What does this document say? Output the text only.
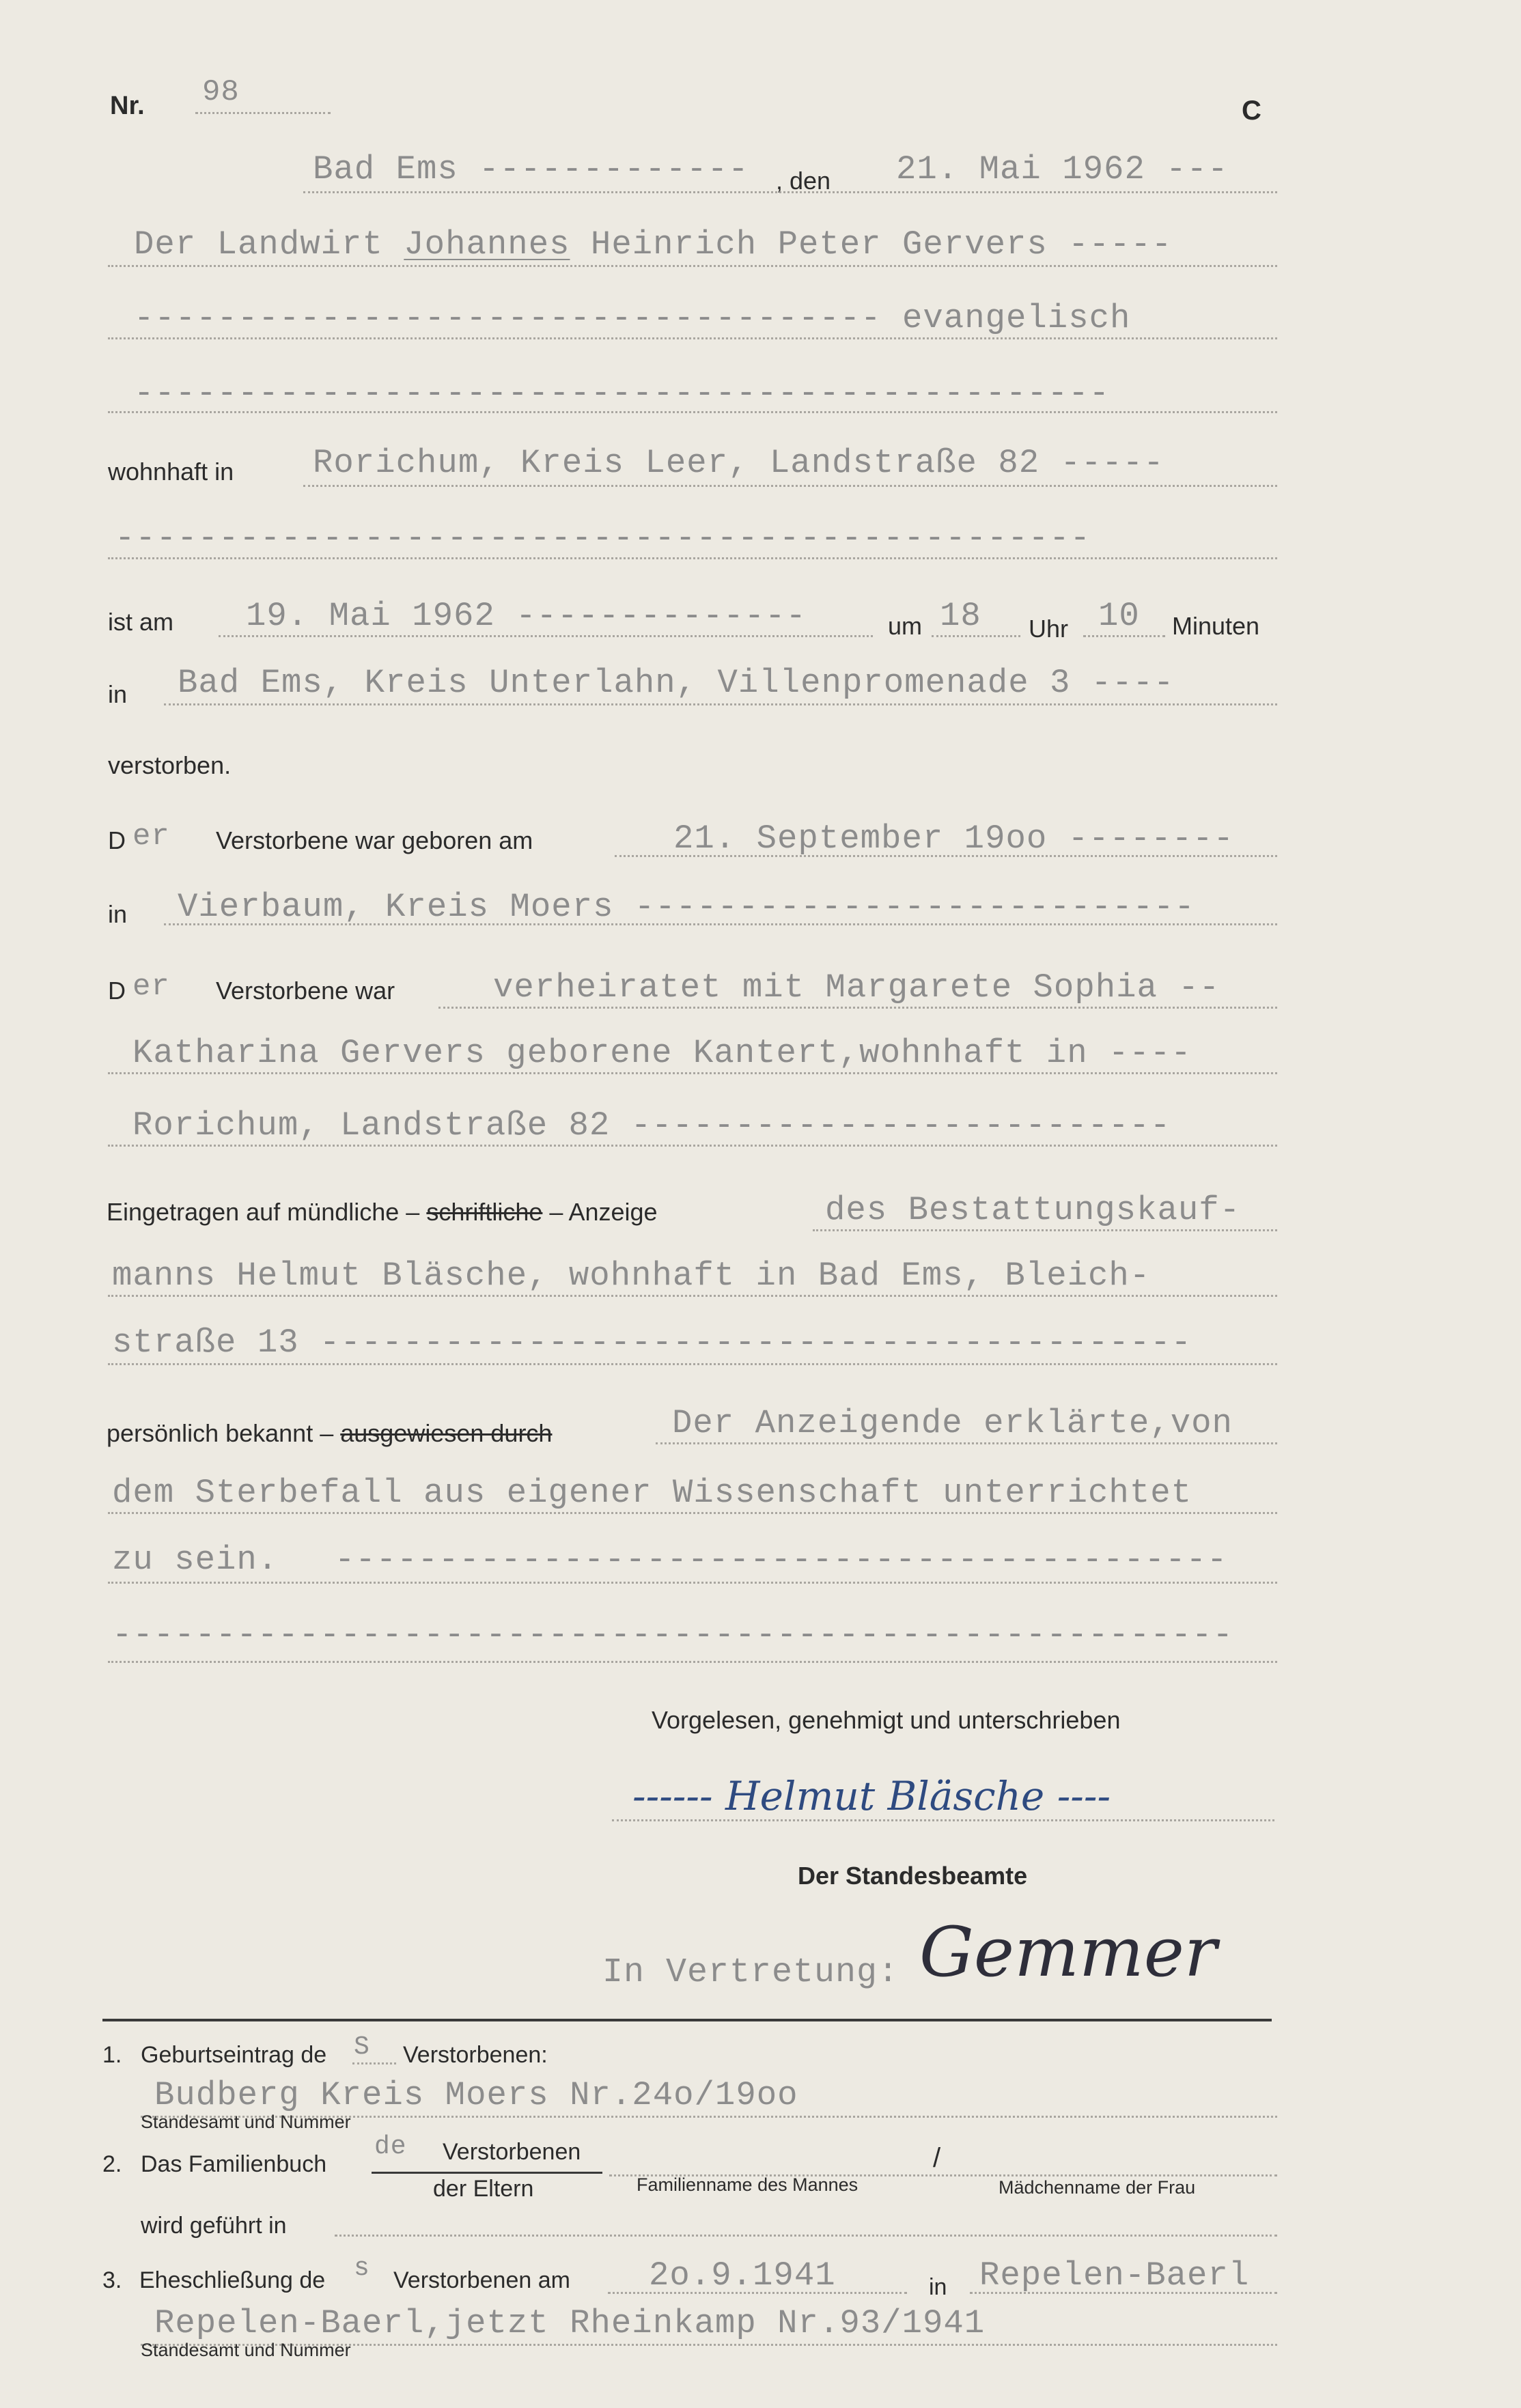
Nr. 98
C
Bad Ems ------------- , den 21. Mai 1962 ---
Der Landwirt Johannes Heinrich Peter Gervers -----
------------------------------------ evangelisch
-----------------------------------------------
wohnhaft in Rorichum, Kreis Leer, Landstraße 82 -----
-----------------------------------------------
ist am 19. Mai 1962 --------------	um 18 Uhr 10 Minuten
in Bad Ems, Kreis Unterlahn, Villenpromenade 3 ----
verstorben.
D er Verstorbene war geboren am	21. September 19oo --------
in Vierbaum, Kreis Moers ---------------------------
D er Verstorbene war	verheiratet mit Margarete Sophia --
Katharina Gervers geborene Kantert,wohnhaft in ----
Rorichum, Landstraße 82 --------------------------
Eingetragen auf mündliche – schriftliche – Anzeige	des Bestattungskauf-
manns Helmut Bläsche, wohnhaft in Bad Ems, Bleich-
straße 13 ------------------------------------------
persönlich bekannt – ausgewiesen durch	Der Anzeigende erklärte,von
dem Sterbefall aus eigener Wissenschaft unterrichtet
zu sein. -------------------------------------------
------------------------------------------------------
Vorgelesen, genehmigt und unterschrieben
------ Helmut Bläsche ----
Der Standesbeamte
In Vertretung: Gemmer
1. Geburtseintrag de S Verstorbenen:
Budberg Kreis Moers Nr.24o/19oo
Standesamt und Nummer
2. Das Familienbuch
de Verstorbenen
der Eltern
/
Familienname des Mannes	Mädchenname der Frau
wird geführt in
3. Eheschließung de s Verstorbenen am 2o.9.1941	in Repelen-Baerl
Repelen-Baerl,jetzt Rheinkamp Nr.93/1941
Standesamt und Nummer
